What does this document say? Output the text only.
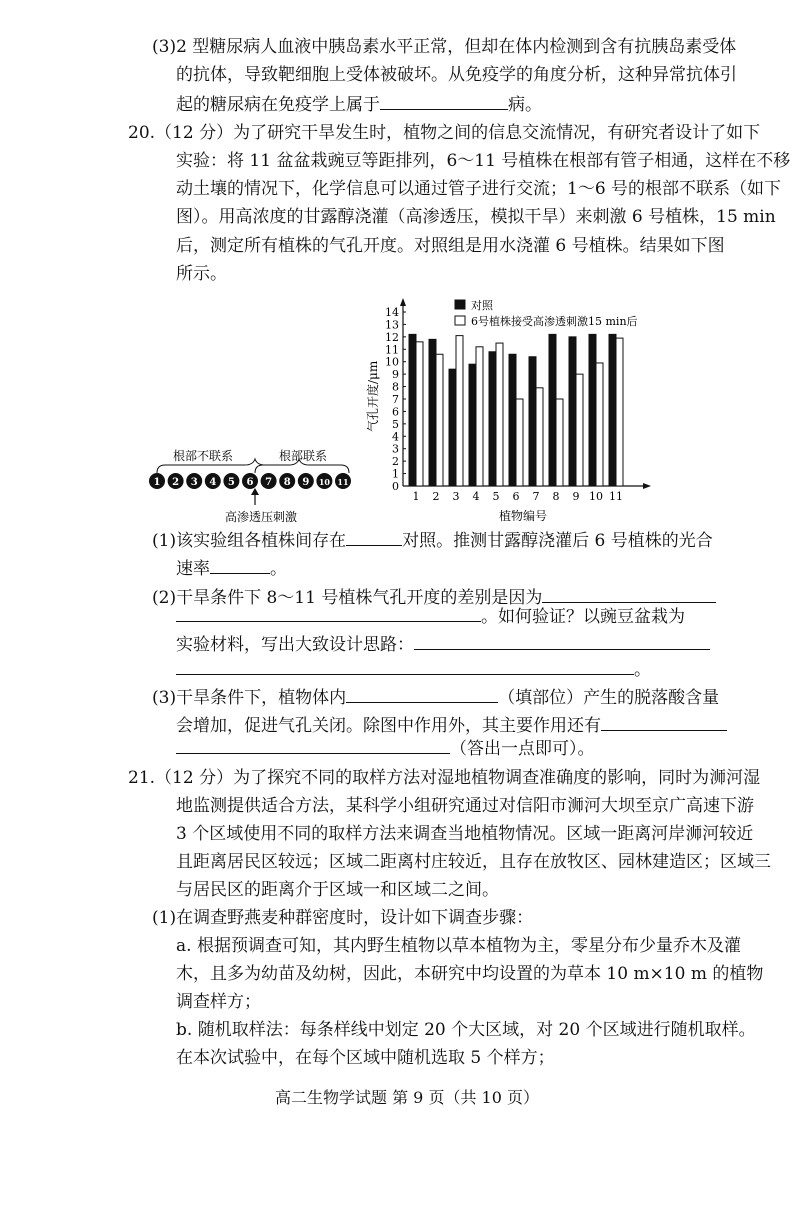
(3)2 型糖尿病人血液中胰岛素水平正常，但却在体内检测到含有抗胰岛素受体
的抗体，导致靶细胞上受体被破坏。从免疫学的角度分析，这种异常抗体引
起的糖尿病在免疫学上属于	病。
20.（12 分）为了研究干旱发生时，植物之间的信息交流情况，有研究者设计了如下
实验：将 11 盆盆栽豌豆等距排列，6～11 号植株在根部有管子相通，这样在不移
动土壤的情况下，化学信息可以通过管子进行交流；1～6 号的根部不联系（如下
图）。用高浓度的甘露醇浇灌（高渗透压，模拟干旱）来刺激 6 号植株，15 min
后，测定所有植株的气孔开度。对照组是用水浇灌 6 号植株。结果如下图
所示。
根部不联系	根部联系
1 2 3 4 5 6 7 8 9 10 11
高渗透压刺激
0
1
2
3
4
5
6
7
8
9
10
11
12
13
14
1 2 3 4 5 6 7 8 9 10 11
对照
6号植株接受高渗透刺激15 min后
气孔开度/μm
植物编号
(1)该实验组各植株间存在	对照。推测甘露醇浇灌后 6 号植株的光合
速率	。
(2)干旱条件下 8～11 号植株气孔开度的差别是因为
。如何验证？以豌豆盆栽为
实验材料，写出大致设计思路：
。
(3)干旱条件下，植物体内	（填部位）产生的脱落酸含量
会增加，促进气孔关闭。除图中作用外，其主要作用还有
（答出一点即可）。
21.（12 分）为了探究不同的取样方法对湿地植物调查准确度的影响，同时为浉河湿
地监测提供适合方法，某科学小组研究通过对信阳市浉河大坝至京广高速下游
3 个区域使用不同的取样方法来调查当地植物情况。区域一距离河岸浉河较近
且距离居民区较远；区域二距离村庄较近，且存在放牧区、园林建造区；区域三
与居民区的距离介于区域一和区域二之间。
(1)在调查野燕麦种群密度时，设计如下调查步骤：
a. 根据预调查可知，其内野生植物以草本植物为主，零星分布少量乔木及灌
木，且多为幼苗及幼树，因此，本研究中均设置的为草本 10 m×10 m 的植物
调查样方；
b. 随机取样法：每条样线中划定 20 个大区域，对 20 个区域进行随机取样。
在本次试验中，在每个区域中随机选取 5 个样方；
高二生物学试题 第 9 页（共 10 页）
